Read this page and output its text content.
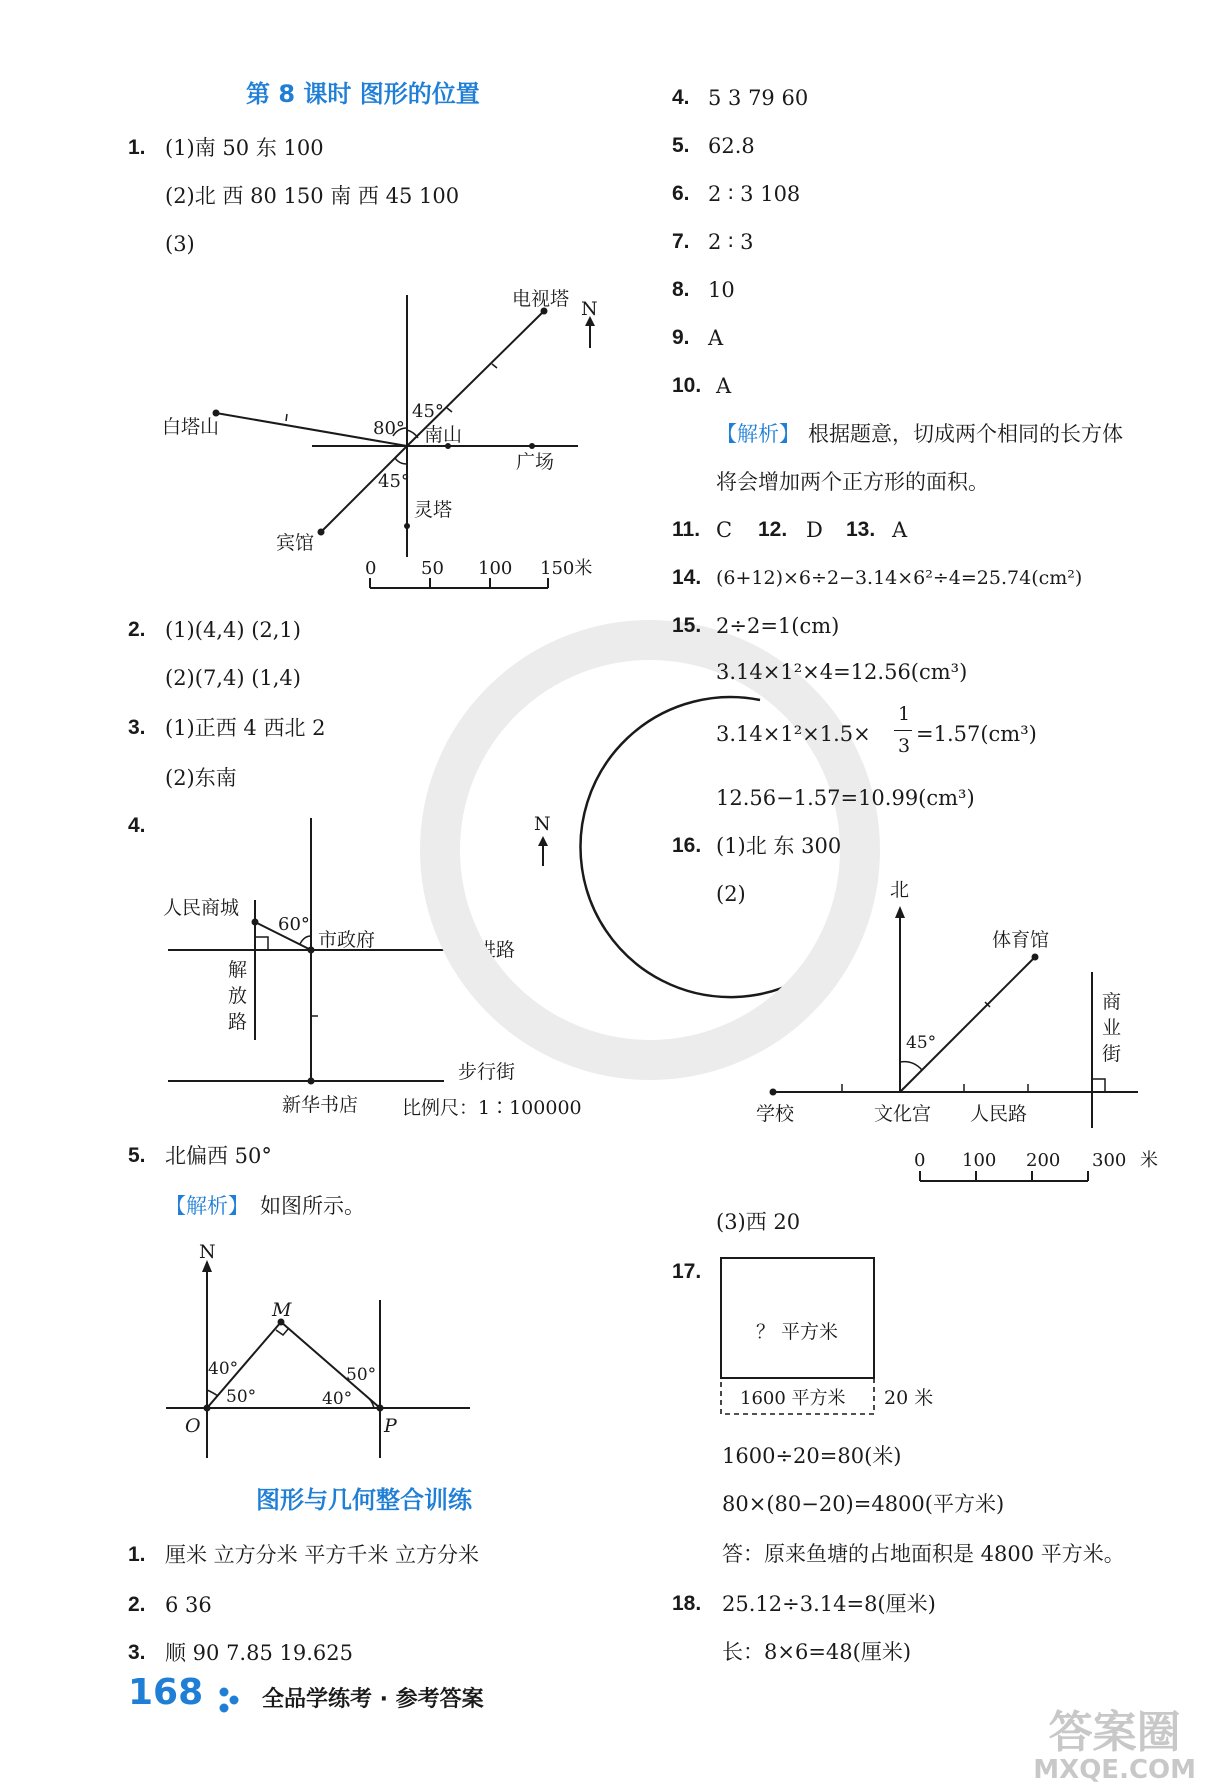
第 8 课时 图形的位置
1. (1)南 50 东 100
(2)北 西 80 150 南 西 45 100
(3)
N
电视塔
白塔山	南山
广场
灵塔
宾馆
80°
45°
45°
0 50 100 150米
2. (1)(4,4) (2,1)
(2)(7,4) (1,4)
3. (1)正西 4 西北 2
(2)东南
4.	N
人民商城
60°
市政府	前进路
解
放
路
步行街
新华书店 比例尺：1∶100000
5. 北偏西 50°
【解析】 如图所示。
N
M
O	P
40°
50°
50°
40°
图形与几何整合训练
1. 厘米 立方分米 平方千米 立方分米
2. 6 36
3. 顺 90 7.85 19.625
4. 5 3 79 60
5. 62.8
6. 2 ∶ 3 108
7. 2 ∶ 3
8. 10
9. A
10. A
【解析】 根据题意，切成两个相同的长方体
将会增加两个正方形的面积。
11. C 12. D 13. A
14. (6+12)×6÷2−3.14×6²÷4=25.74(cm²)
15. 2÷2=1(cm)
3.14×1²×4=12.56(cm³)
3.14×1²×1.5×
1
3 =1.57(cm³)
12.56−1.57=10.99(cm³)
16. (1)北 东 300
(2)	北
体育馆
商
业
街
45°
学校	文化宫 人民路
0 100 200 300 米
(3)西 20
17.
？ 平方米
1600 平方米 20 米
1600÷20=80(米)
80×(80−20)=4800(平方米)
答：原来鱼塘的占地面积是 4800 平方米。
18. 25.12÷3.14=8(厘米)
长：8×6=48(厘米)
168	全品学练考 · 参考答案
答案圈
MXQE.COM
